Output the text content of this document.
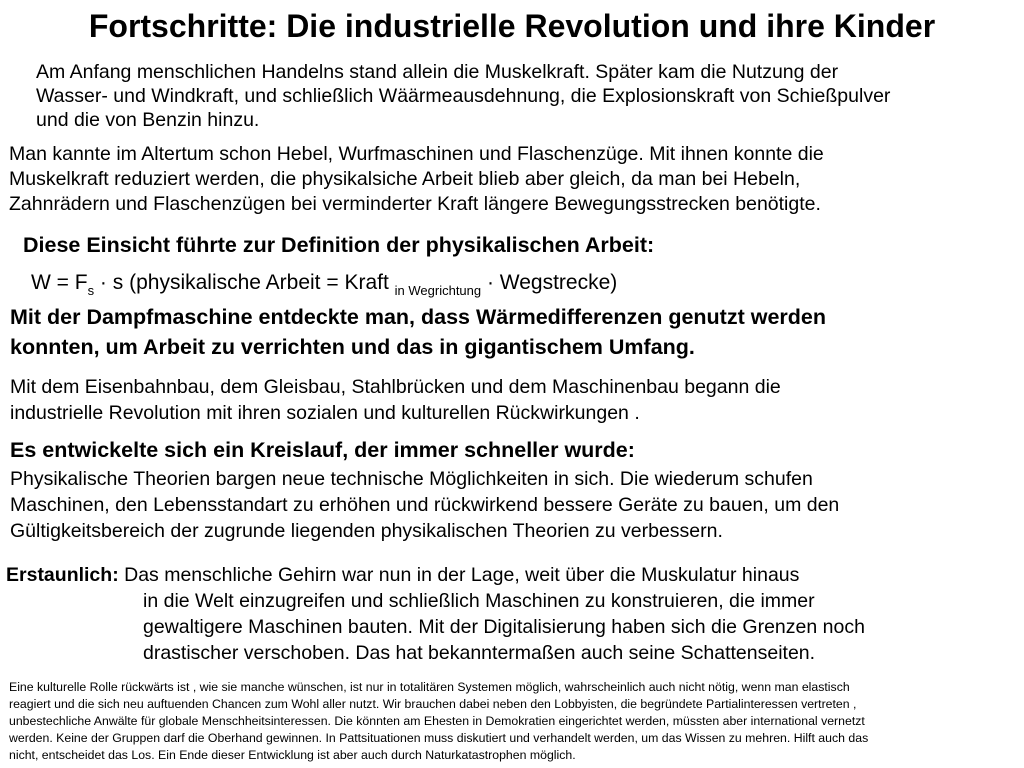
Fortschritte: Die industrielle Revolution und ihre Kinder

Am Anfang menschlichen Handelns stand allein die Muskelkraft. Später kam die Nutzung der
Wasser- und Windkraft, und schließlich Wäärmeausdehnung, die Explosionskraft von Schießpulver
und die von Benzin hinzu.

Man kannte im Altertum schon Hebel, Wurfmaschinen und Flaschenzüge. Mit ihnen konnte die
Muskelkraft reduziert werden, die physikalsiche Arbeit blieb aber gleich, da man bei Hebeln,
Zahnrädern und Flaschenzügen bei verminderter Kraft längere Bewegungsstrecken benötigte.

Diese Einsicht führte zur Definition der physikalischen Arbeit:

$W = F_s \cdot s$ (physikalische Arbeit = Kraft $_{in Wegrichtung}$ · Wegstrecke)

Mit der Dampfmaschine entdeckte man, dass Wärmedifferenzen genutzt werden
konnten, um Arbeit zu verrichten und das in gigantischem Umfang.

Mit dem Eisenbahnbau, dem Gleisbau, Stahlbrücken und dem Maschinenbau begann die
industrielle Revolution mit ihren sozialen und kulturellen Rückwirkungen .

Es entwickelte sich ein Kreislauf, der immer schneller wurde:

Physikalische Theorien bargen neue technische Möglichkeiten in sich. Die wiederum schufen
Maschinen, den Lebensstandart zu erhöhen und rückwirkend bessere Geräte zu bauen, um den
Gültigkeitsbereich der zugrunde liegenden physikalischen Theorien zu verbessern.

Erstaunlich: Das menschliche Gehirn war nun in der Lage, weit über die Muskulatur hinaus
in die Welt einzugreifen und schließlich Maschinen zu konstruieren, die immer
gewaltigere Maschinen bauten. Mit der Digitalisierung haben sich die Grenzen noch
drastischer verschoben. Das hat bekanntermaßen auch seine Schattenseiten.

Eine kulturelle Rolle rückwärts ist , wie sie manche wünschen, ist nur in totalitären Systemen möglich, wahrscheinlich auch nicht nötig, wenn man elastisch
reagiert und die sich neu auftuenden Chancen zum Wohl aller nutzt. Wir brauchen dabei neben den Lobbyisten, die begründete Partialinteressen vertreten ,
unbestechliche Anwälte für globale Menschheitsinteressen. Die könnten am Ehesten in Demokratien eingerichtet werden, müssten aber international vernetzt
werden. Keine der Gruppen darf die Oberhand gewinnen. In Pattsituationen muss diskutiert und verhandelt werden, um das Wissen zu mehren. Hilft auch das
nicht, entscheidet das Los. Ein Ende dieser Entwicklung ist aber auch durch Naturkatastrophen möglich.
